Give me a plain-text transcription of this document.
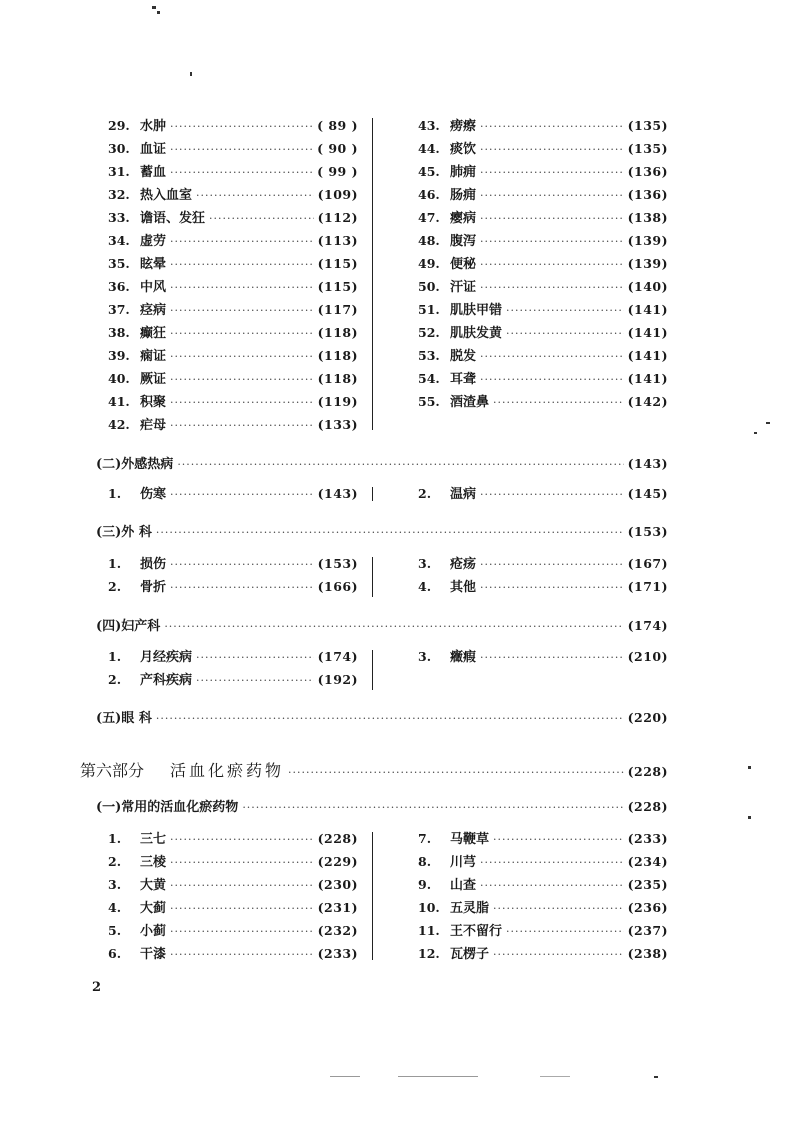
29. 水肿 ·····	( 89 )
30. 血证 ·····	( 90 )
31. 蓄血 ·····	( 99 )
32. 热入血室 ·····	(109)
33. 谵语、发狂 ·····	(112)
34. 虚劳 ·····	(113)
35. 眩晕 ·····	(115)
36. 中风 ·····	(115)
37. 痉病 ·····	(117)
38. 癫狂 ·····	(118)
39. 痫证 ·····	(118)
40. 厥证 ·····	(118)
41. 积聚 ·····	(119)
42. 疟母 ·····	(133)
43. 痨瘵 ·····	(135)
44. 痰饮 ·····	(135)
45. 肺痈 ·····	(136)
46. 肠痈 ·····	(136)
47. 瘿病 ·····	(138)
48. 腹泻 ·····	(139)
49. 便秘 ·····	(139)
50. 汗证 ·····	(140)
51. 肌肤甲错 ·····	(141)
52. 肌肤发黄 ·····	(141)
53. 脱发 ·····	(141)
54. 耳聋 ·····	(141)
55. 酒渣鼻 ·····	(142)
(二)外感热病 ·····	(143)
1.	伤寒 ·····	(143)	2.	温病 ·····	(145)
(三)外 科 ·····	(153)
1.	损伤 ·····	(153)
2.	骨折 ·····	(166)
3.	疮疡 ·····	(167)
4.	其他 ·····	(171)
(四)妇产科 ·····	(174)
1.	月经疾病 ·····	(174)
2.	产科疾病 ·····	(192)
3.	癥瘕 ·····	(210)
(五)眼 科 ·····	(220)
第六部分 活血化瘀药物 ·····	(228)
(一)常用的活血化瘀药物 ·····	(228)
1.	三七 ·····	(228)
2.	三棱 ·····	(229)
3.	大黄 ·····	(230)
4.	大蓟 ·····	(231)
5.	小蓟 ·····	(232)
6.	干漆 ·····	(233)
7.	马鞭草 ·····	(233)
8.	川芎 ·····	(234)
9.	山查 ·····	(235)
10. 五灵脂 ·····	(236)
11. 王不留行 ·····	(237)
12. 瓦楞子 ·····	(238)
2
